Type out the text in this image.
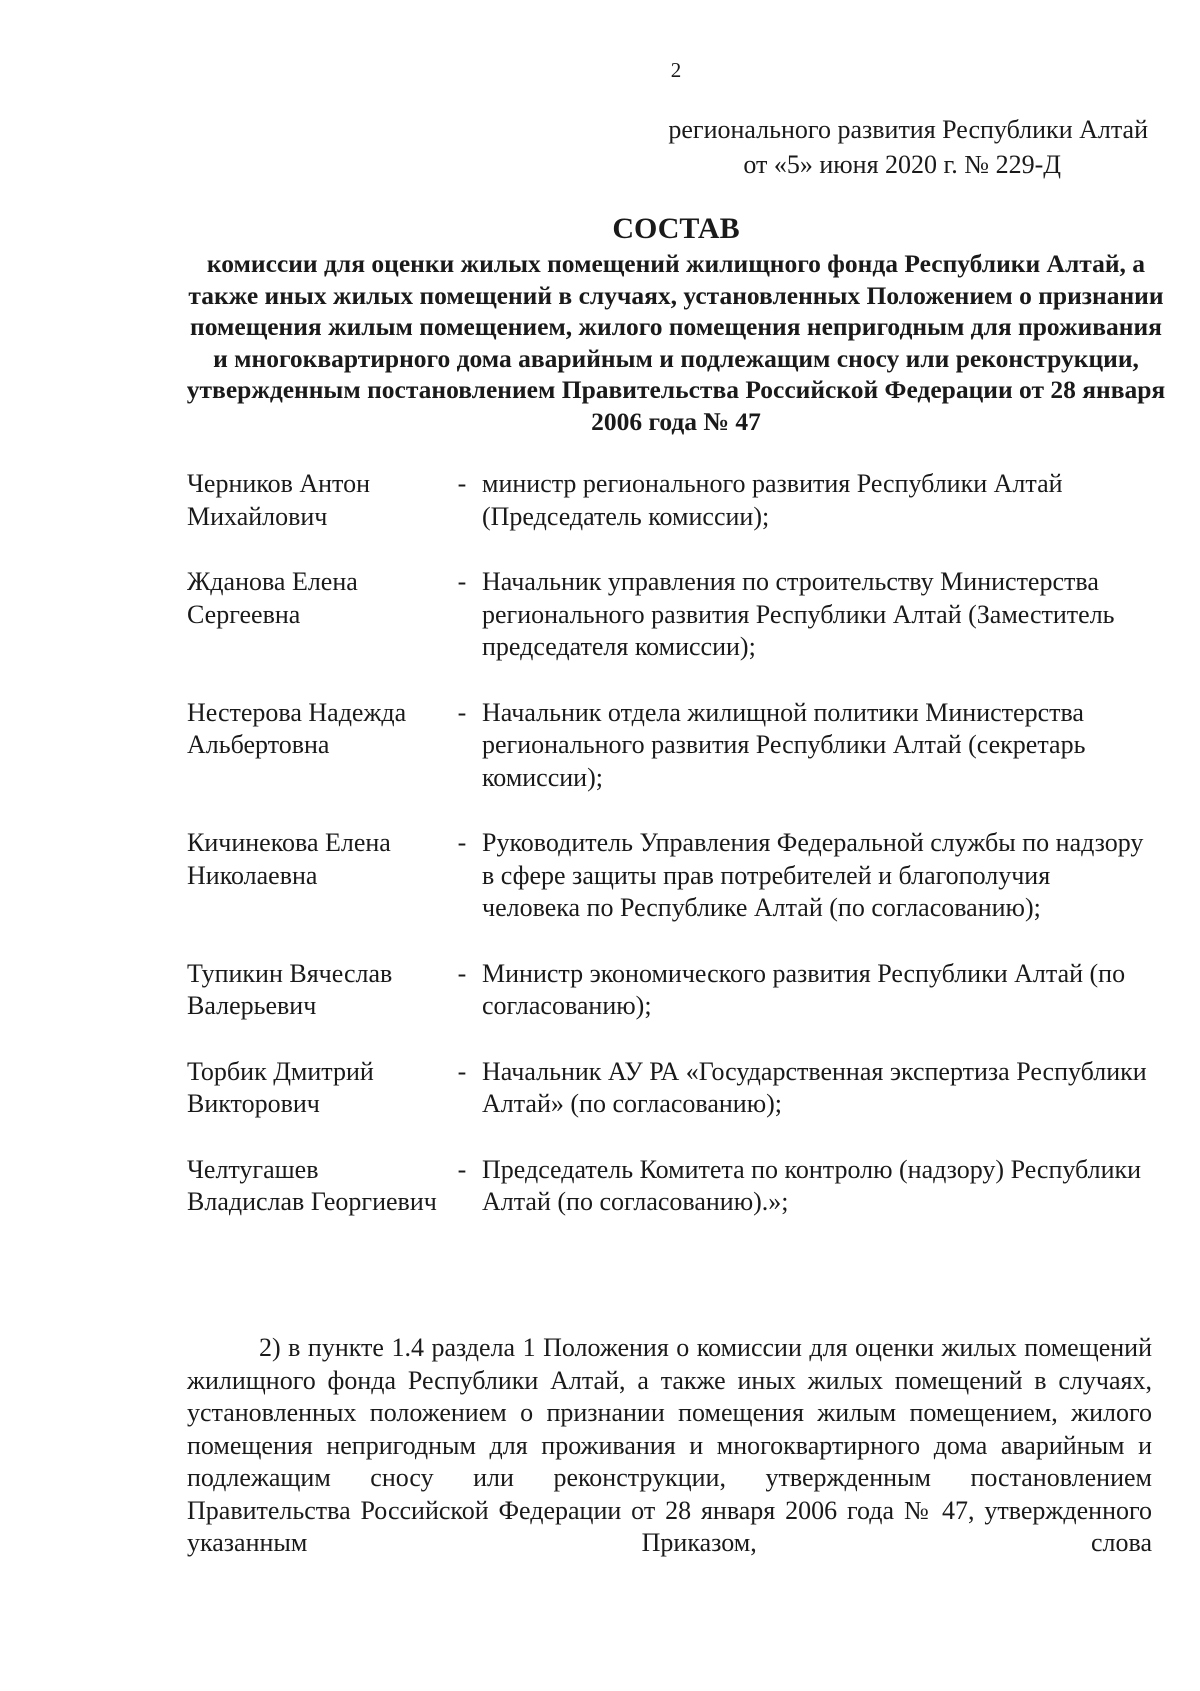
2
регионального развития Республики Алтай
от «5» июня 2020 г. № 229-Д
СОСТАВ
комиссии для оценки жилых помещений жилищного фонда Республики Алтай, а также иных жилых помещений в случаях, установленных Положением о признании помещения жилым помещением, жилого помещения непригодным для проживания и многоквартирного дома аварийным и подлежащим сносу или реконструкции, утвержденным постановлением Правительства Российской Федерации от 28 января 2006 года № 47
Черников Антон Михайлович
- министр регионального развития Республики Алтай (Председатель комиссии);
Жданова Елена Сергеевна
- Начальник управления по строительству Министерства регионального развития Республики Алтай (Заместитель председателя комиссии);
Нестерова Надежда Альбертовна
- Начальник отдела жилищной политики Министерства регионального развития Республики Алтай (секретарь комиссии);
Кичинекова Елена Николаевна
- Руководитель Управления Федеральной службы по надзору в сфере защиты прав потребителей и благополучия человека по Республике Алтай (по согласованию);
Тупикин Вячеслав Валерьевич
- Министр экономического развития Республики Алтай (по согласованию);
Торбик Дмитрий Викторович
- Начальник АУ РА «Государственная экспертиза Республики Алтай» (по согласованию);
Челтугашев Владислав Георгиевич
- Председатель Комитета по контролю (надзору) Республики Алтай (по согласованию).»;
2) в пункте 1.4 раздела 1 Положения о комиссии для оценки жилых помещений жилищного фонда Республики Алтай, а также иных жилых помещений в случаях, установленных положением о признании помещения жилым помещением, жилого помещения непригодным для проживания и многоквартирного дома аварийным и подлежащим сносу или реконструкции, утвержденным постановлением Правительства Российской Федерации от 28 января 2006 года № 47, утвержденного указанным Приказом, слова
